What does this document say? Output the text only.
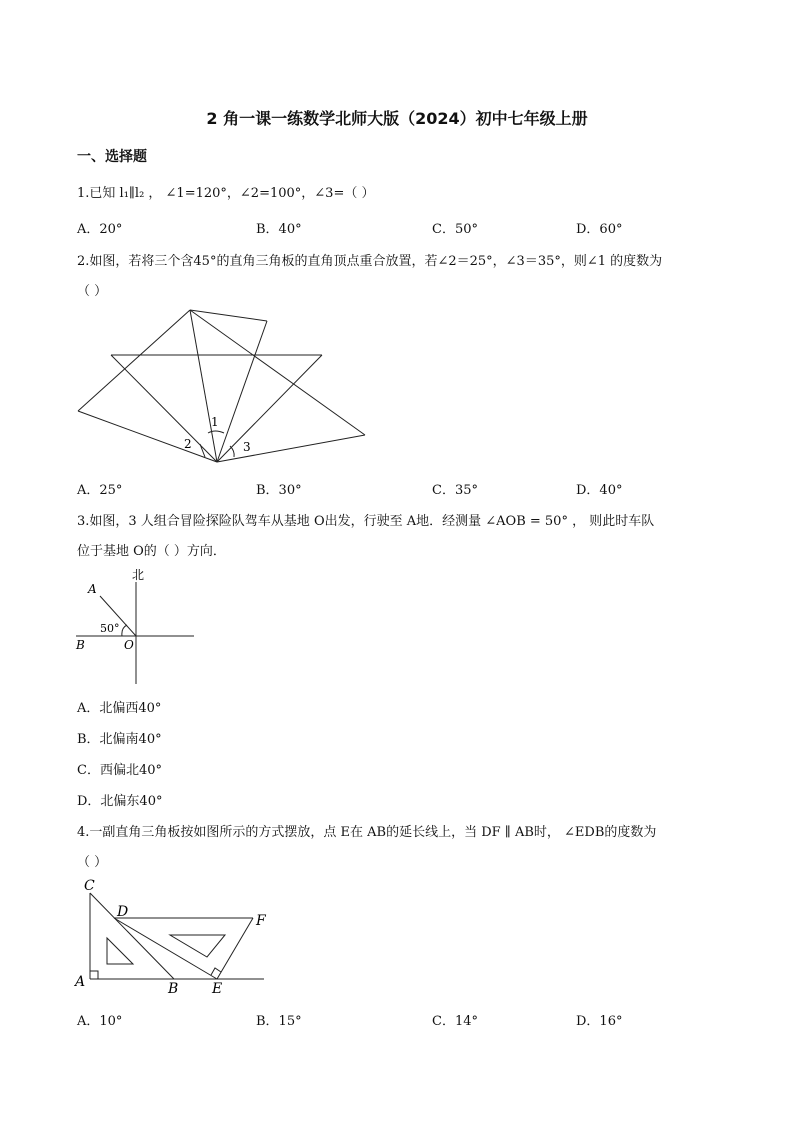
2 角一课一练数学北师大版（2024）初中七年级上册
一、选择题
1.已知 l₁∥l₂ ， ∠1=120°，∠2=100°，∠3=（ ）
A．20°	B．40°	C．50°	D．60°
2.如图，若将三个含45°的直角三角板的直角顶点重合放置，若∠2＝25°，∠3＝35°，则∠1 的度数为
（ ）
1
2	3
A．25°	B．30°	C．35°	D．40°
3.如图，3 人组合冒险探险队驾车从基地 O出发，行驶至 A地．经测量 ∠AOB = 50° ， 则此时车队
位于基地 O的（ ）方向．
北
A
B	O
50°
A．北偏西40°
B．北偏南40°
C．西偏北40°
D．北偏东40°
4.一副直角三角板按如图所示的方式摆放，点 E在 AB的延长线上，当 DF ∥ AB时， ∠EDB的度数为
（ ）
C
D
F
A	B E
A．10°	B．15°	C．14°	D．16°
